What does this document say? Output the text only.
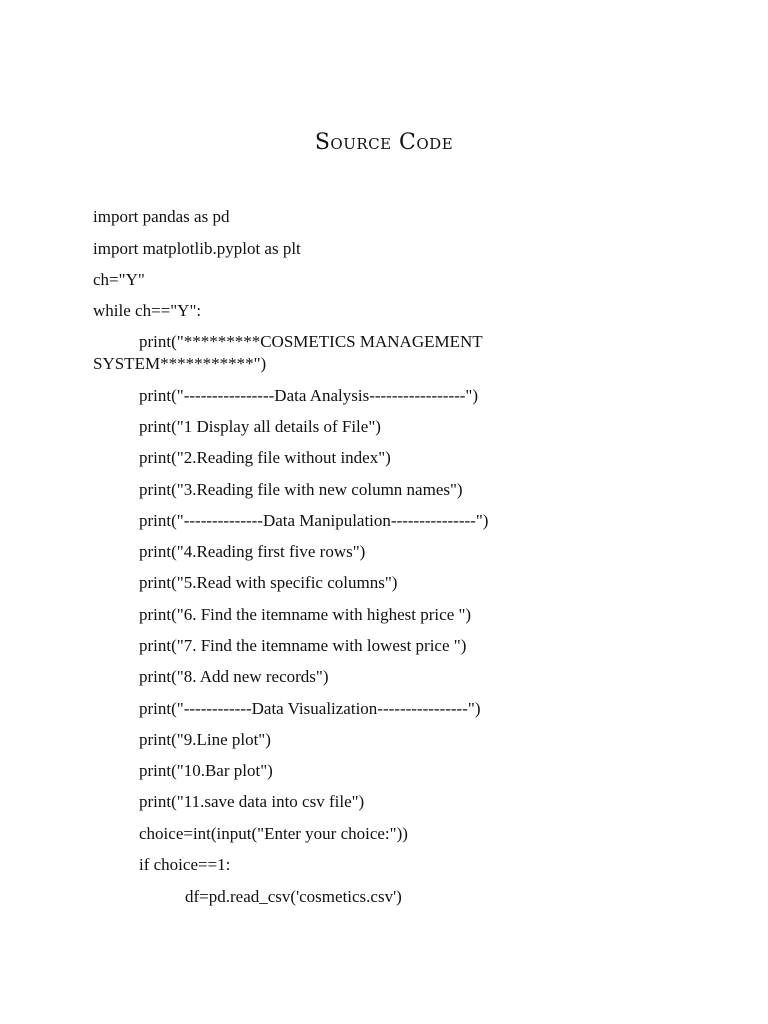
Source Code
import pandas as pd
import matplotlib.pyplot as plt
ch="Y"
while ch=="Y":
print("*********COSMETICS MANAGEMENT
SYSTEM***********")
print("----------------Data Analysis-----------------")
print("1 Display all details of File")
print("2.Reading file without index")
print("3.Reading file with new column names")
print("--------------Data Manipulation---------------")
print("4.Reading first five rows")
print("5.Read with specific columns")
print("6. Find the itemname with highest price ")
print("7. Find the itemname with lowest price ")
print("8. Add new records")
print("------------Data Visualization----------------")
print("9.Line plot")
print("10.Bar plot")
print("11.save data into csv file")
choice=int(input("Enter your choice:"))
if choice==1:
df=pd.read_csv('cosmetics.csv')
